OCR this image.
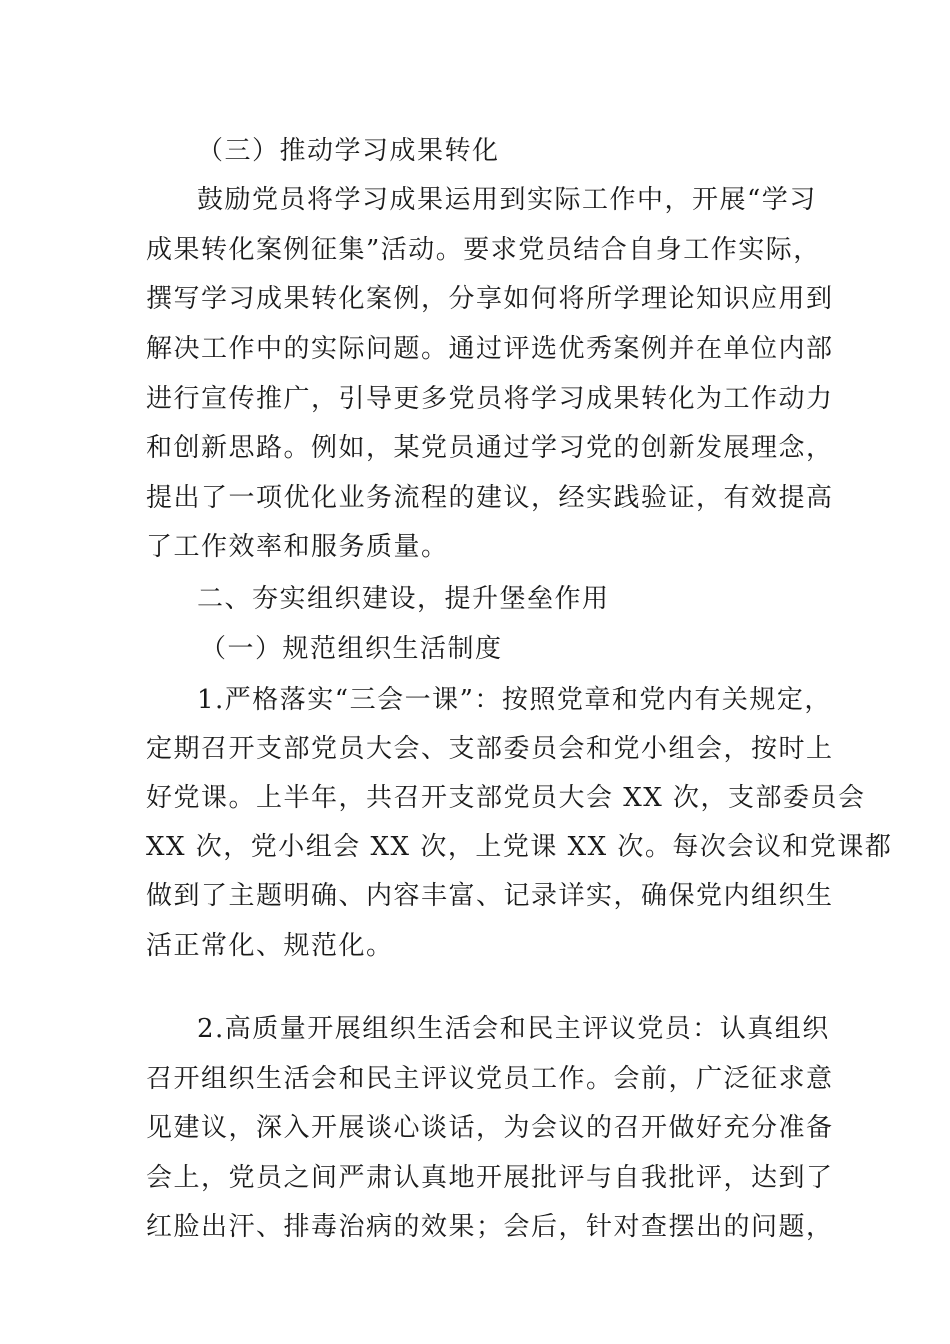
（三）推动学习成果转化
鼓励党员将学习成果运用到实际工作中，开展“学习
成果转化案例征集”活动。要求党员结合自身工作实际，
撰写学习成果转化案例，分享如何将所学理论知识应用到
解决工作中的实际问题。通过评选优秀案例并在单位内部
进行宣传推广，引导更多党员将学习成果转化为工作动力
和创新思路。例如，某党员通过学习党的创新发展理念，
提出了一项优化业务流程的建议，经实践验证，有效提高
了工作效率和服务质量。
二、夯实组织建设，提升堡垒作用
（一）规范组织生活制度
1.严格落实“三会一课”：按照党章和党内有关规定，
定期召开支部党员大会、支部委员会和党小组会，按时上
好党课。上半年，共召开支部党员大会 XX 次，支部委员会
XX 次，党小组会 XX 次，上党课 XX 次。每次会议和党课都
做到了主题明确、内容丰富、记录详实，确保党内组织生
活正常化、规范化。
2.高质量开展组织生活会和民主评议党员：认真组织
召开组织生活会和民主评议党员工作。会前，广泛征求意
见建议，深入开展谈心谈话，为会议的召开做好充分准备
会上，党员之间严肃认真地开展批评与自我批评，达到了
红脸出汗、排毒治病的效果；会后，针对查摆出的问题，
